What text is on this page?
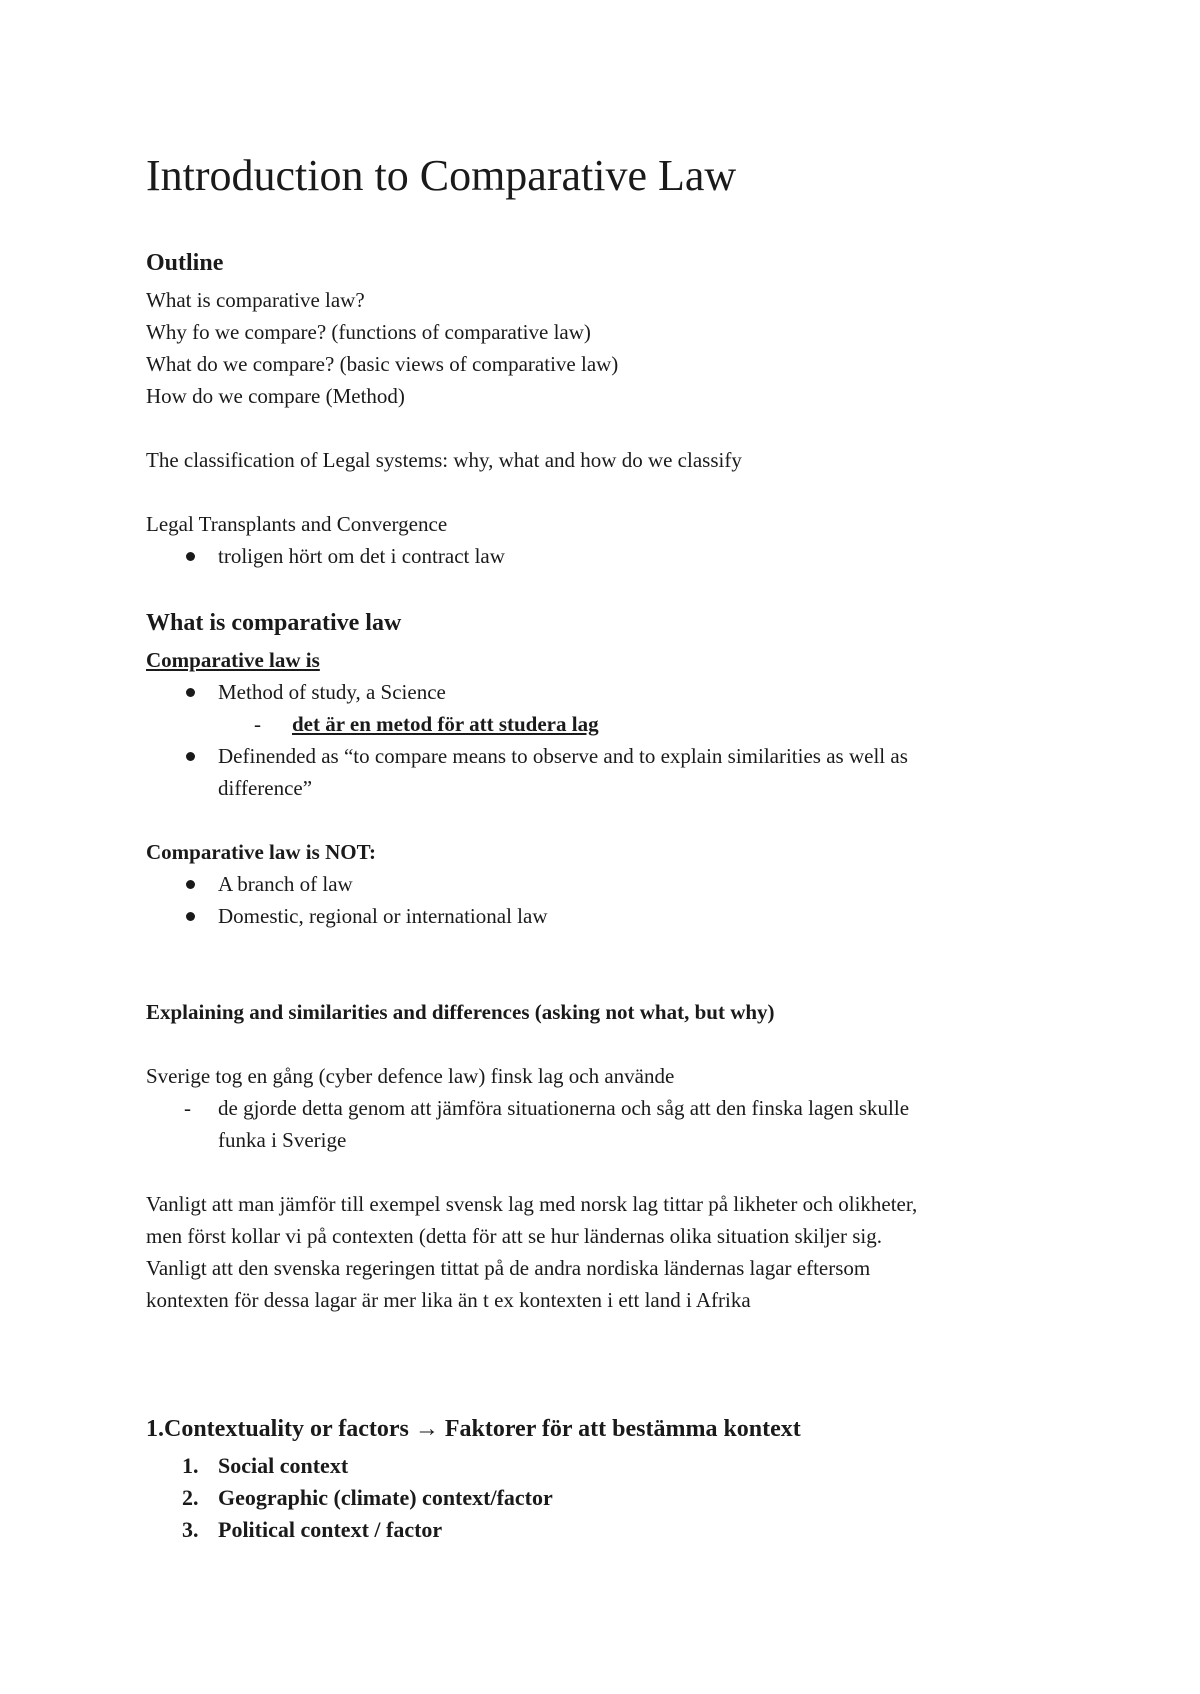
Introduction to Comparative Law
Outline
What is comparative law?
Why fo we compare? (functions of comparative law)
What do we compare? (basic views of comparative law)
How do we compare (Method)
The classification of Legal systems: why, what and how do we classify
Legal Transplants and Convergence
troligen hört om det i contract law
What is comparative law
Comparative law is
Method of study, a Science
- det är en metod för att studera lag
Definended as “to compare means to observe and to explain similarities as well as
difference”
Comparative law is NOT:
A branch of law
Domestic, regional or international law
Explaining and similarities and differences (asking not what, but why)
Sverige tog en gång (cyber defence law) finsk lag och använde
- de gjorde detta genom att jämföra situationerna och såg att den finska lagen skulle
funka i Sverige
Vanligt att man jämför till exempel svensk lag med norsk lag tittar på likheter och olikheter,
men först kollar vi på contexten (detta för att se hur ländernas olika situation skiljer sig.
Vanligt att den svenska regeringen tittat på de andra nordiska ländernas lagar eftersom
kontexten för dessa lagar är mer lika än t ex kontexten i ett land i Afrika
1.Contextuality or factors → Faktorer för att bestämma kontext
1. Social context
2. Geographic (climate) context/factor
3. Political context / factor
